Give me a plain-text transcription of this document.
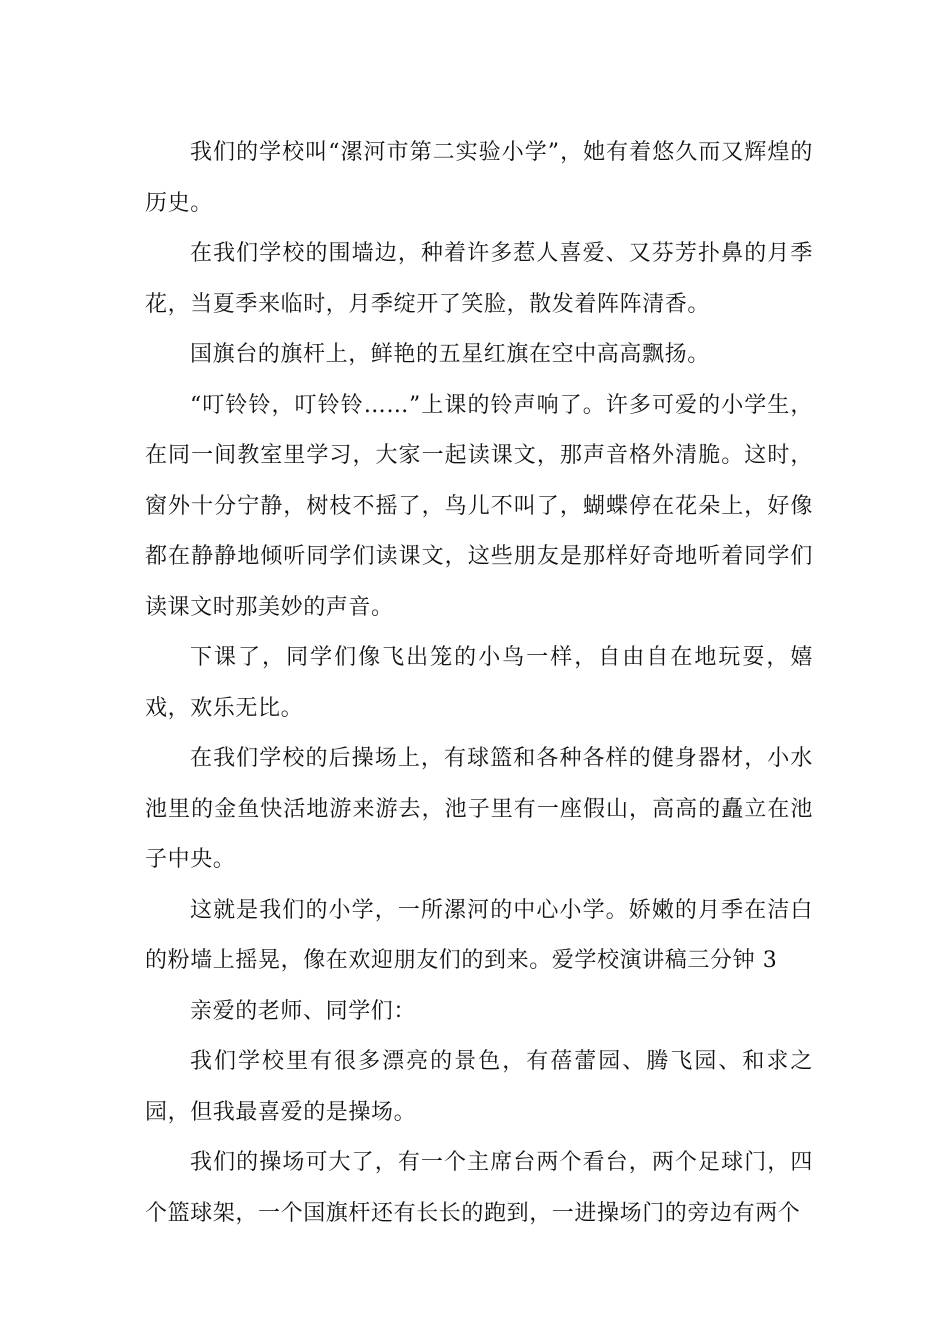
我们的学校叫“漯河市第二实验小学”，她有着悠久而又辉煌的历史。

在我们学校的围墙边，种着许多惹人喜爱、又芬芳扑鼻的月季花，当夏季来临时，月季绽开了笑脸，散发着阵阵清香。

国旗台的旗杆上，鲜艳的五星红旗在空中高高飘扬。

“叮铃铃，叮铃铃……”上课的铃声响了。许多可爱的小学生，在同一间教室里学习，大家一起读课文，那声音格外清脆。这时，窗外十分宁静，树枝不摇了，鸟儿不叫了，蝴蝶停在花朵上，好像都在静静地倾听同学们读课文，这些朋友是那样好奇地听着同学们读课文时那美妙的声音。

下课了，同学们像飞出笼的小鸟一样，自由自在地玩耍，嬉戏，欢乐无比。

在我们学校的后操场上，有球篮和各种各样的健身器材，小水池里的金鱼快活地游来游去，池子里有一座假山，高高的矗立在池子中央。

这就是我们的小学，一所漯河的中心小学。娇嫩的月季在洁白的粉墙上摇晃，像在欢迎朋友们的到来。爱学校演讲稿三分钟 3

亲爱的老师、同学们：

我们学校里有很多漂亮的景色，有蓓蕾园、腾飞园、和求之园，但我最喜爱的是操场。

我们的操场可大了，有一个主席台两个看台，两个足球门，四个篮球架，一个国旗杆还有长长的跑到，一进操场门的旁边有两个
